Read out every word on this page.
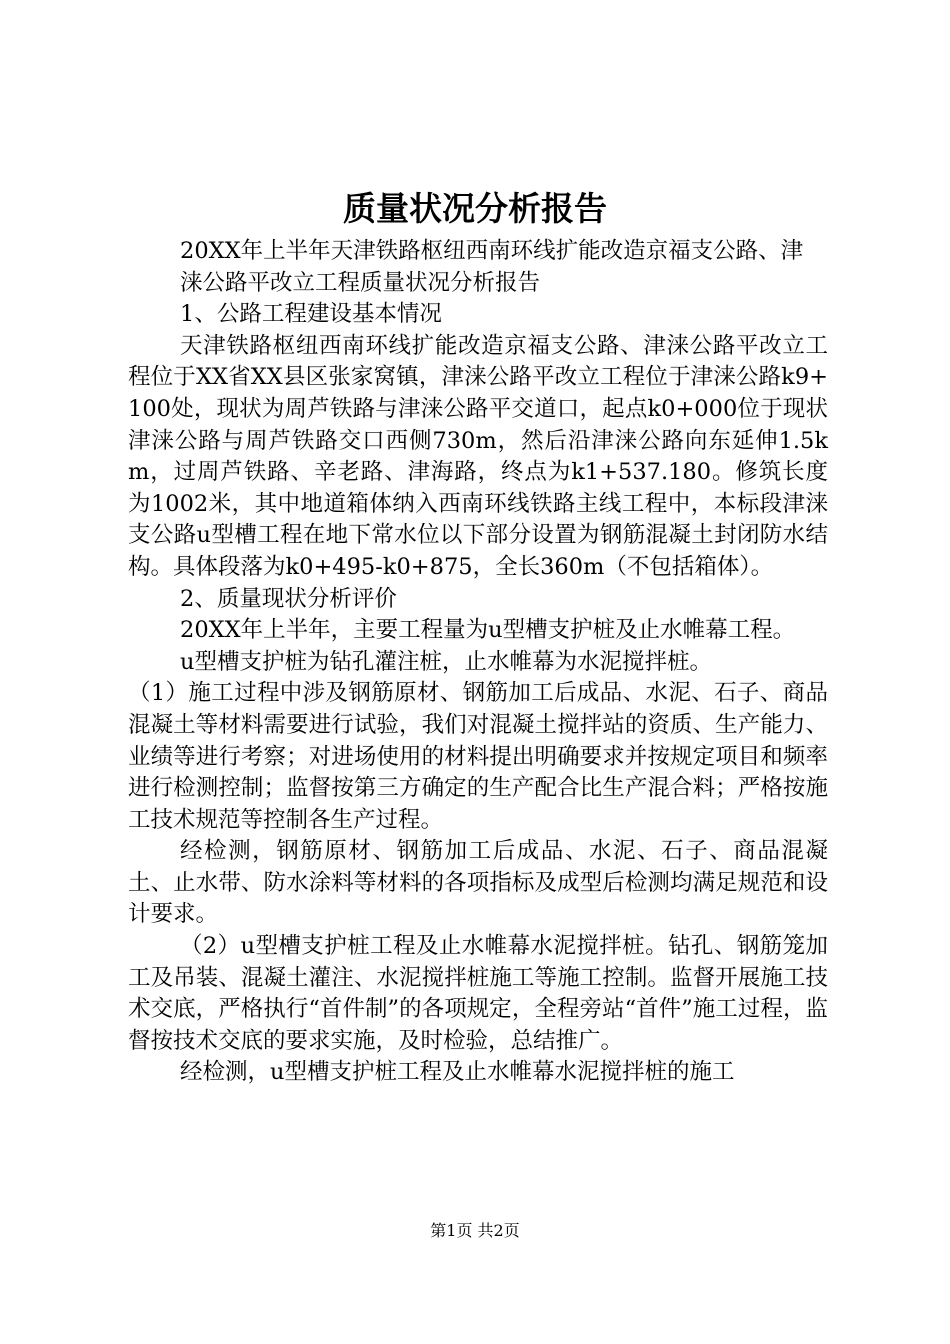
质量状况分析报告

20XX年上半年天津铁路枢纽西南环线扩能改造京福支公路、津

涞公路平改立工程质量状况分析报告

1、公路工程建设基本情况

天津铁路枢纽西南环线扩能改造京福支公路、津涞公路平改立工程位于XX省XX县区张家窝镇，津涞公路平改立工程位于津涞公路k9+100处，现状为周芦铁路与津涞公路平交道口，起点k0+000位于现状津涞公路与周芦铁路交口西侧730m，然后沿津涞公路向东延伸1.5km，过周芦铁路、辛老路、津海路，终点为k1+537.180。修筑长度为1002米，其中地道箱体纳入西南环线铁路主线工程中，本标段津涞支公路u型槽工程在地下常水位以下部分设置为钢筋混凝土封闭防水结构。具体段落为k0+495-k0+875，全长360m（不包括箱体）。

2、质量现状分析评价

20XX年上半年，主要工程量为u型槽支护桩及止水帷幕工程。

u型槽支护桩为钻孔灌注桩，止水帷幕为水泥搅拌桩。

（1）施工过程中涉及钢筋原材、钢筋加工后成品、水泥、石子、商品混凝土等材料需要进行试验，我们对混凝土搅拌站的资质、生产能力、业绩等进行考察；对进场使用的材料提出明确要求并按规定项目和频率进行检测控制；监督按第三方确定的生产配合比生产混合料；严格按施工技术规范等控制各生产过程。

经检测，钢筋原材、钢筋加工后成品、水泥、石子、商品混凝土、止水带、防水涂料等材料的各项指标及成型后检测均满足规范和设计要求。

（2）u型槽支护桩工程及止水帷幕水泥搅拌桩。钻孔、钢筋笼加工及吊装、混凝土灌注、水泥搅拌桩施工等施工控制。监督开展施工技术交底，严格执行“首件制”的各项规定，全程旁站“首件”施工过程，监督按技术交底的要求实施，及时检验，总结推广。

经检测，u型槽支护桩工程及止水帷幕水泥搅拌桩的施工

第1页 共2页
